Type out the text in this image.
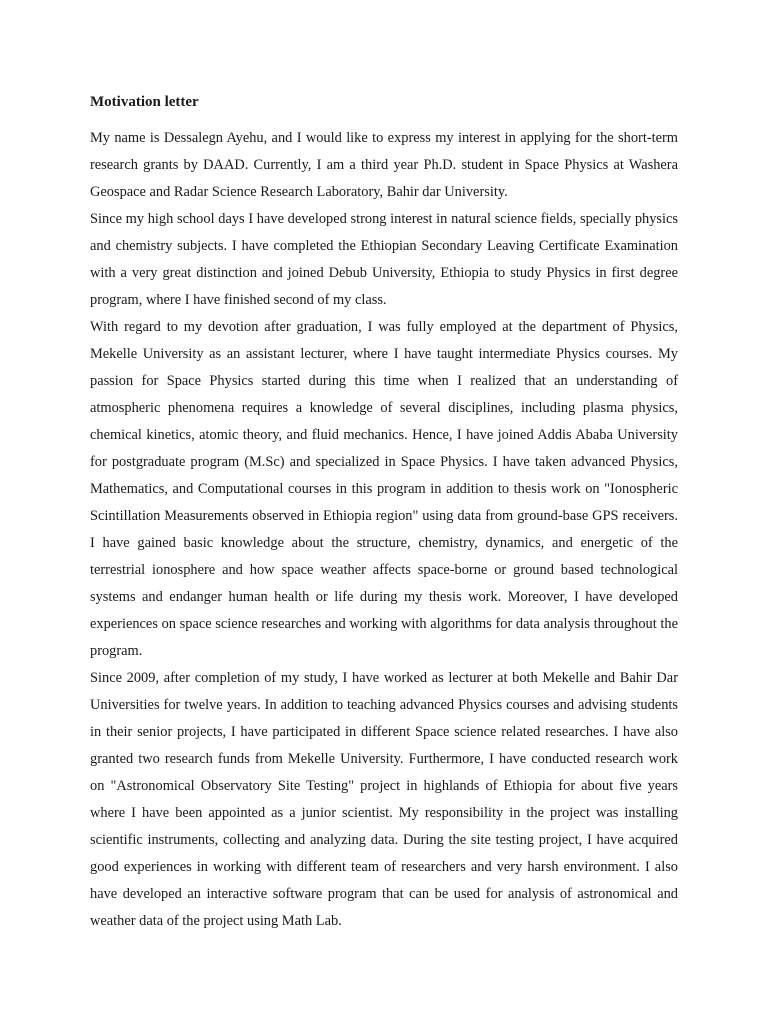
Motivation letter

My name is Dessalegn Ayehu, and I would like to express my interest in applying for the short-term research grants by DAAD. Currently, I am a third year Ph.D. student in Space Physics at Washera Geospace and Radar Science Research Laboratory, Bahir dar University.

Since my high school days I have developed strong interest in natural science fields, specially physics and chemistry subjects. I have completed the Ethiopian Secondary Leaving Certificate Examination with a very great distinction and joined Debub University, Ethiopia to study Physics in first degree program, where I have finished second of my class.

With regard to my devotion after graduation, I was fully employed at the department of Physics, Mekelle University as an assistant lecturer, where I have taught intermediate Physics courses. My passion for Space Physics started during this time when I realized that an understanding of atmospheric phenomena requires a knowledge of several disciplines, including plasma physics, chemical kinetics, atomic theory, and fluid mechanics. Hence, I have joined Addis Ababa University for postgraduate program (M.Sc) and specialized in Space Physics. I have taken advanced Physics, Mathematics, and Computational courses in this program in addition to thesis work on "Ionospheric Scintillation Measurements observed in Ethiopia region" using data from ground-base GPS receivers. I have gained basic knowledge about the structure, chemistry, dynamics, and energetic of the terrestrial ionosphere and how space weather affects space-borne or ground based technological systems and endanger human health or life during my thesis work. Moreover, I have developed experiences on space science researches and working with algorithms for data analysis throughout the program.

Since 2009, after completion of my study, I have worked as lecturer at both Mekelle and Bahir Dar Universities for twelve years. In addition to teaching advanced Physics courses and advising students in their senior projects, I have participated in different Space science related researches. I have also granted two research funds from Mekelle University. Furthermore, I have conducted research work on "Astronomical Observatory Site Testing" project in highlands of Ethiopia for about five years where I have been appointed as a junior scientist. My responsibility in the project was installing scientific instruments, collecting and analyzing data. During the site testing project, I have acquired good experiences in working with different team of researchers and very harsh environment. I also have developed an interactive software program that can be used for analysis of astronomical and weather data of the project using Math Lab.
